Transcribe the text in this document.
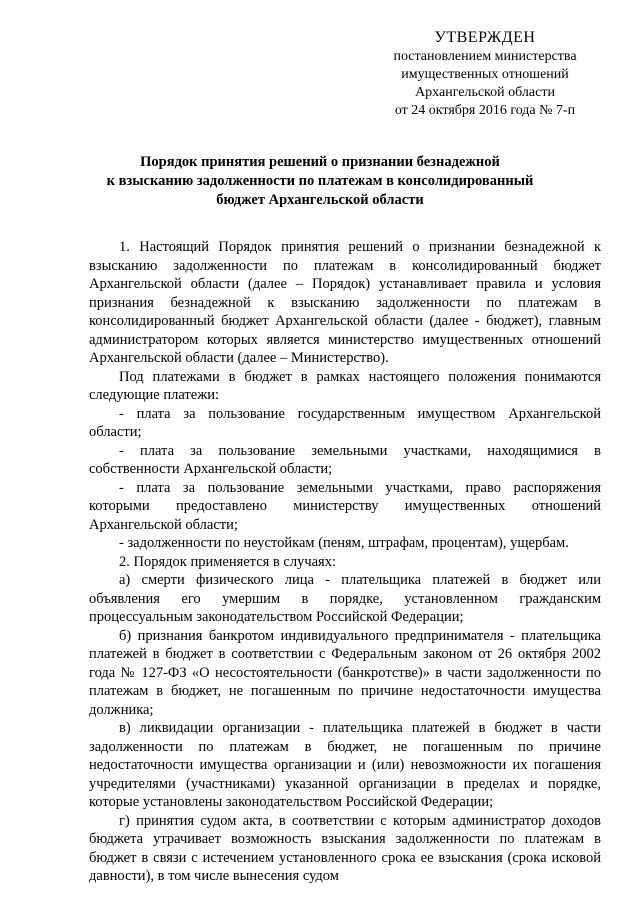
УТВЕРЖДЕН
постановлением министерства
имущественных отношений
Архангельской области
от 24 октября 2016 года № 7-п
Порядок принятия решений о признании безнадежной
к взысканию задолженности по платежам в консолидированный
бюджет Архангельской области

1. Настоящий Порядок принятия решений о признании безнадежной к взысканию задолженности по платежам в консолидированный бюджет Архангельской области (далее – Порядок) устанавливает правила и условия признания безнадежной к взысканию задолженности по платежам в консолидированный бюджет Архангельской области (далее - бюджет), главным администратором которых является министерство имущественных отношений Архангельской области (далее – Министерство).

Под платежами в бюджет в рамках настоящего положения понимаются следующие платежи:

- плата за пользование государственным имуществом Архангельской области;

- плата за пользование земельными участками, находящимися в собственности Архангельской области;

- плата за пользование земельными участками, право распоряжения которыми предоставлено министерству имущественных отношений Архангельской области;

- задолженности по неустойкам (пеням, штрафам, процентам), ущербам.

2. Порядок применяется в случаях:

а) смерти физического лица - плательщика платежей в бюджет или объявления его умершим в порядке, установленном гражданским процессуальным законодательством Российской Федерации;

б) признания банкротом индивидуального предпринимателя - плательщика платежей в бюджет в соответствии с Федеральным законом от 26 октября 2002 года № 127-ФЗ «О несостоятельности (банкротстве)» в части задолженности по платежам в бюджет, не погашенным по причине недостаточности имущества должника;

в) ликвидации организации - плательщика платежей в бюджет в части задолженности по платежам в бюджет, не погашенным по причине недостаточности имущества организации и (или) невозможности их погашения учредителями (участниками) указанной организации в пределах и порядке, которые установлены законодательством Российской Федерации;

г) принятия судом акта, в соответствии с которым администратор доходов бюджета утрачивает возможность взыскания задолженности по платежам в бюджет в связи с истечением установленного срока ее взыскания (срока исковой давности), в том числе вынесения судом
